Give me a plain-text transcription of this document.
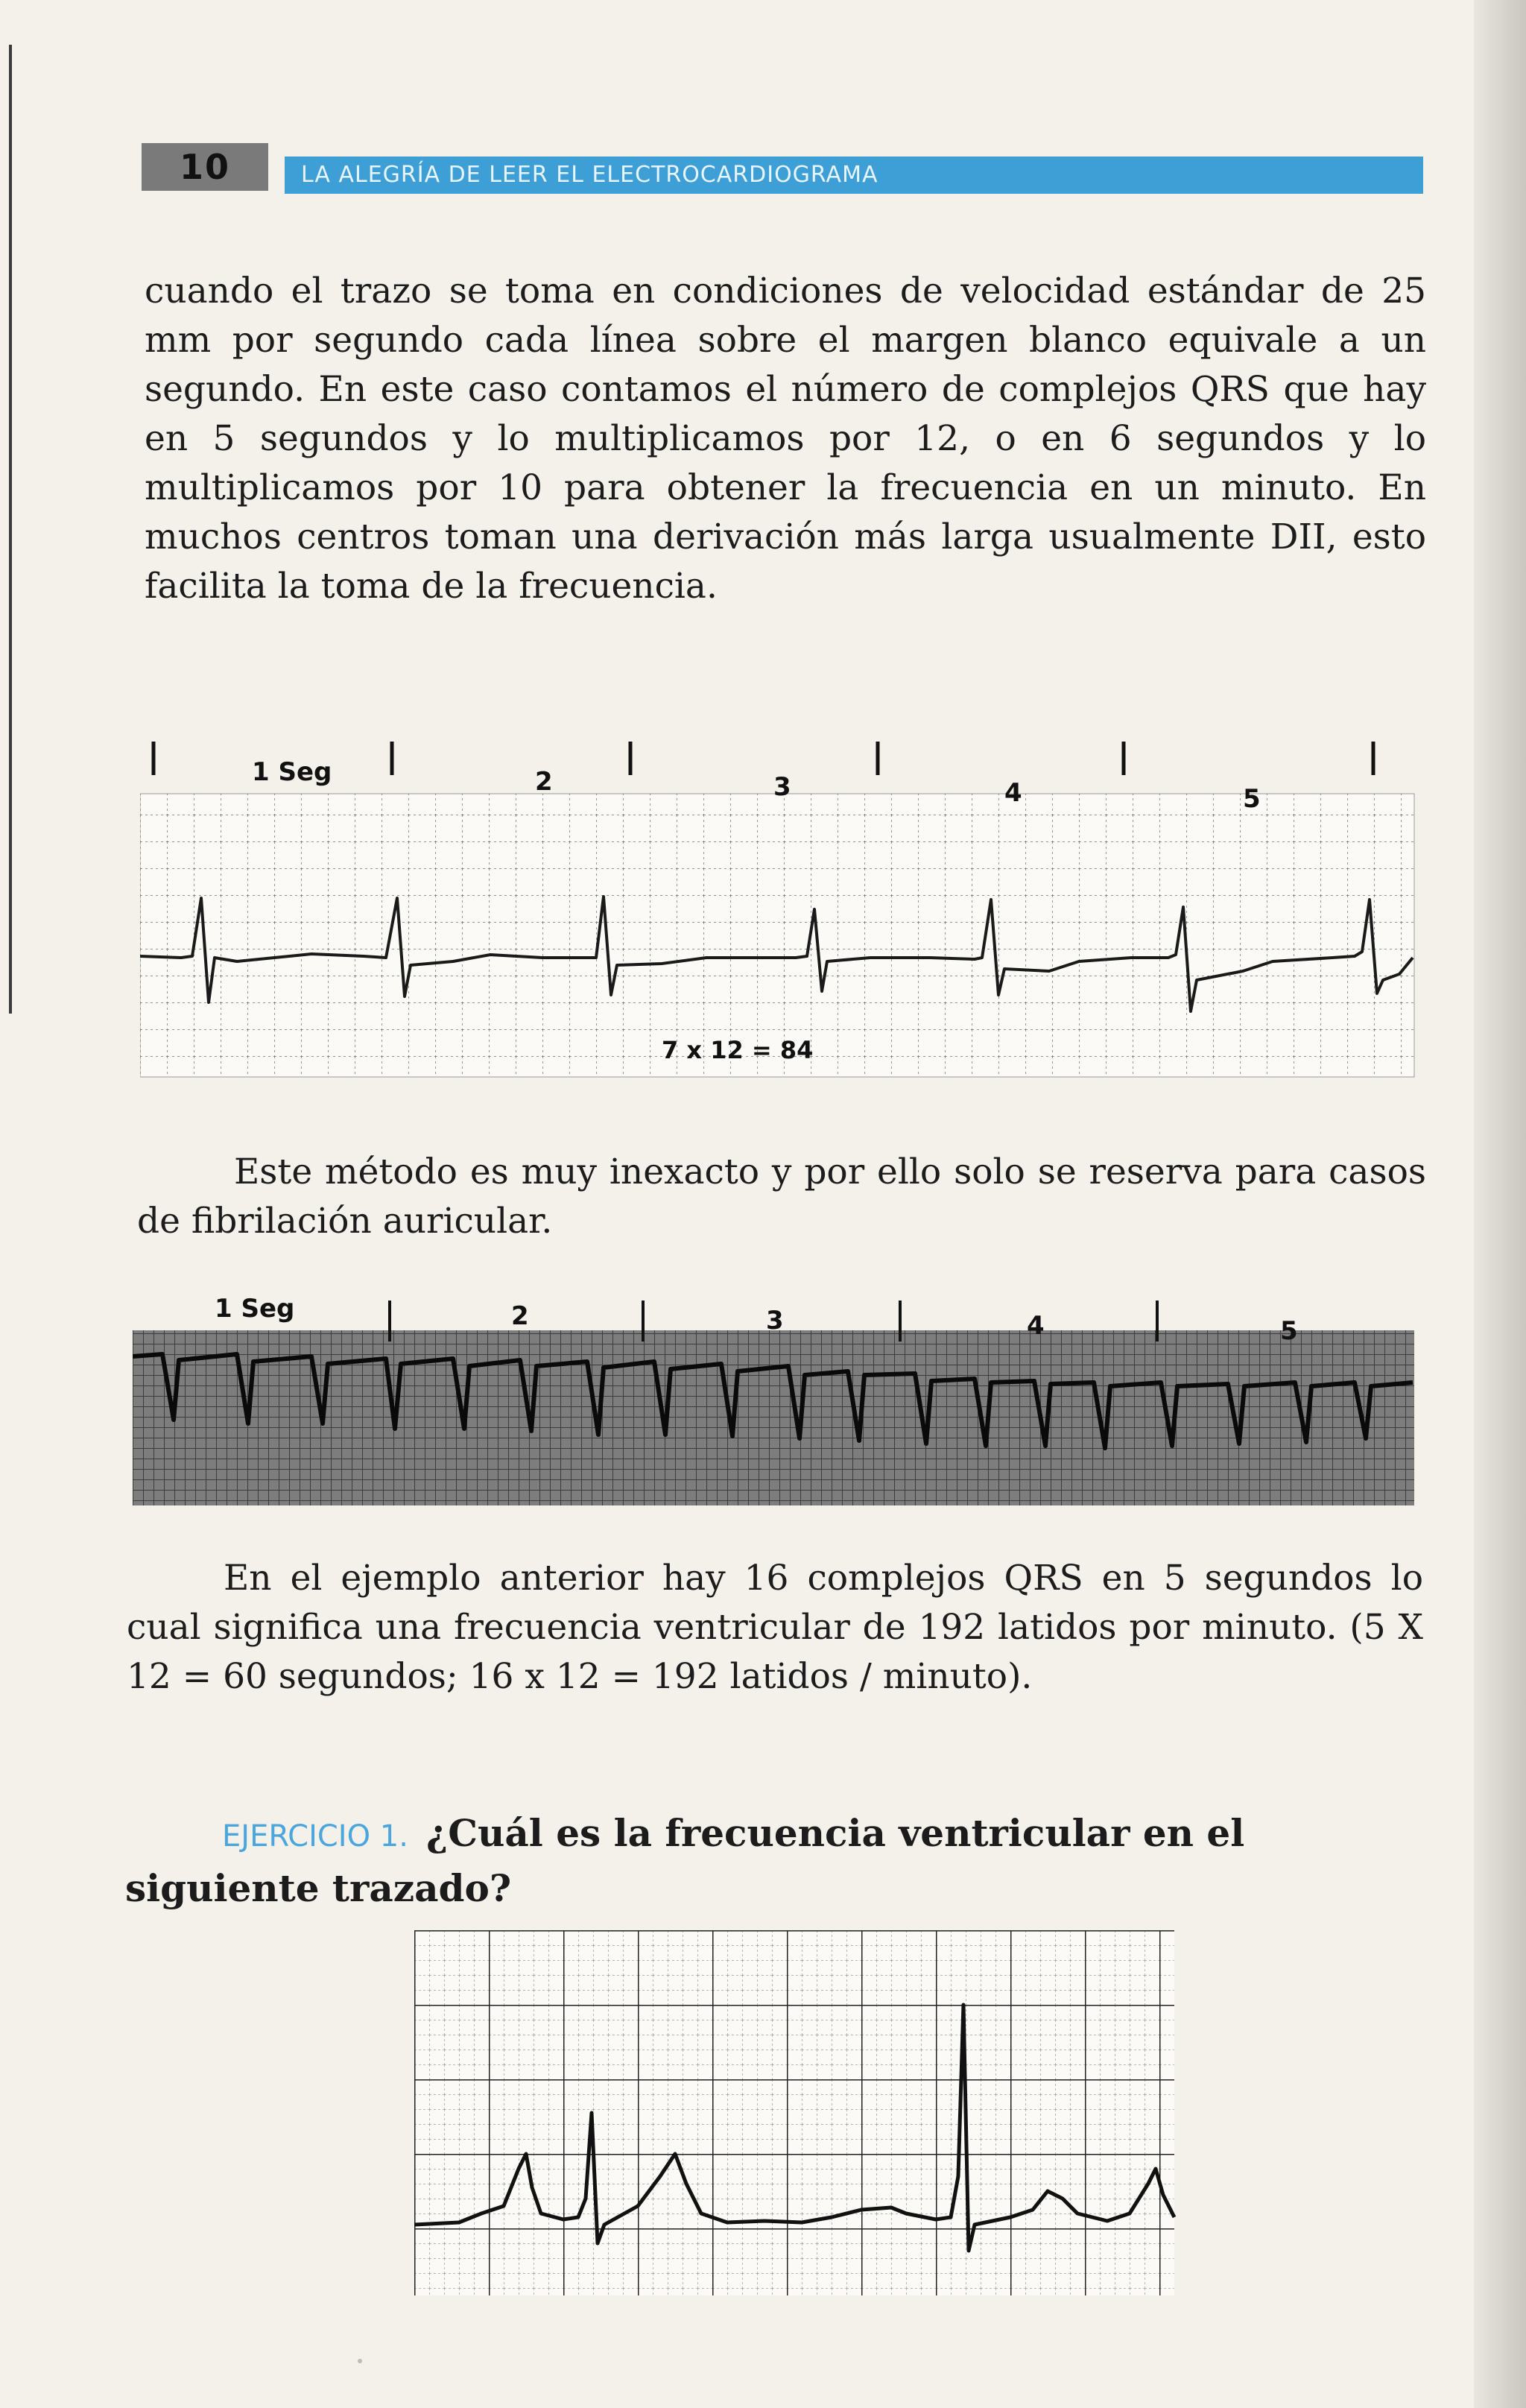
10	LA ALEGRÍA DE LEER EL ELECTROCARDIOGRAMA

cuando el trazo se toma en condiciones de velocidad estándar de 25 mm por segundo cada línea sobre el margen blanco equivale a un segundo. En este caso contamos el número de complejos QRS que hay en 5 segundos y lo multiplicamos por 12, o en 6 segundos y lo multiplicamos por 10 para obtener la frecuencia en un minuto. En muchos centros toman una derivación más larga usualmente DII, esto facilita la toma de la frecuencia.

1 Seg	2	3	4	5
7 x 12 = 84

Este método es muy inexacto y por ello solo se reserva para casos de fibrilación auricular.

1 Seg	2	3	4	5

En el ejemplo anterior hay 16 complejos QRS en 5 segundos lo cual significa una frecuencia ventricular de 192 latidos por minuto. (5 X 12 = 60 segundos; 16 x 12 = 192 latidos / minuto).

EJERCICIO 1. ¿Cuál es la frecuencia ventricular en el siguiente trazado?
